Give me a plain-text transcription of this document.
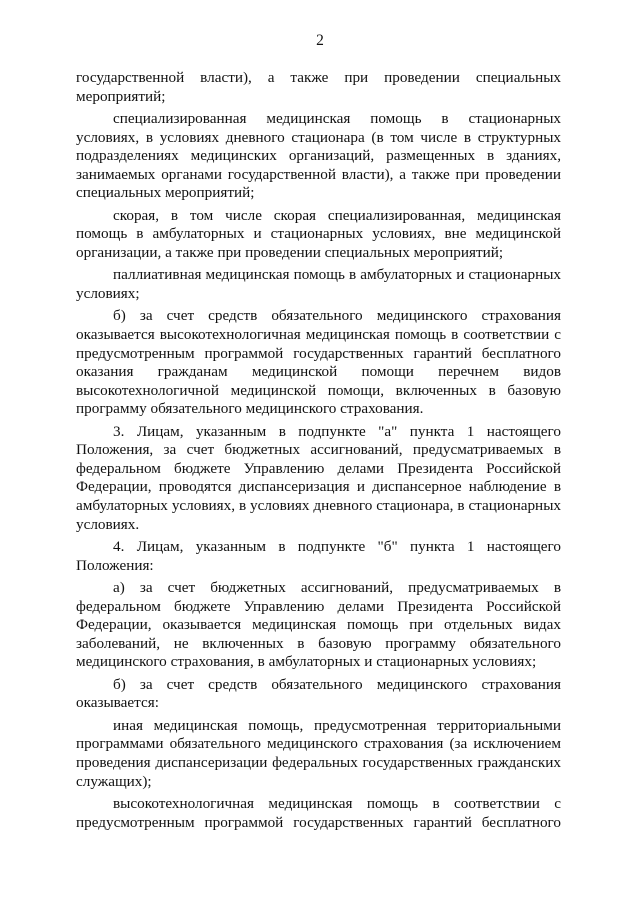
2

государственной власти), а также при проведении специальных мероприятий;

специализированная медицинская помощь в стационарных условиях, в условиях дневного стационара (в том числе в структурных подразделениях медицинских организаций, размещенных в зданиях, занимаемых органами государственной власти), а также при проведении специальных мероприятий;

скорая, в том числе скорая специализированная, медицинская помощь в амбулаторных и стационарных условиях, вне медицинской организации, а также при проведении специальных мероприятий;

паллиативная медицинская помощь в амбулаторных и стационарных условиях;

б) за счет средств обязательного медицинского страхования оказывается высокотехнологичная медицинская помощь в соответствии с предусмотренным программой государственных гарантий бесплатного оказания гражданам медицинской помощи перечнем видов высокотехнологичной медицинской помощи, включенных в базовую программу обязательного медицинского страхования.

3. Лицам, указанным в подпункте "а" пункта 1 настоящего Положения, за счет бюджетных ассигнований, предусматриваемых в федеральном бюджете Управлению делами Президента Российской Федерации, проводятся диспансеризация и диспансерное наблюдение в амбулаторных условиях, в условиях дневного стационара, в стационарных условиях.

4. Лицам, указанным в подпункте "б" пункта 1 настоящего Положения:

а) за счет бюджетных ассигнований, предусматриваемых в федеральном бюджете Управлению делами Президента Российской Федерации, оказывается медицинская помощь при отдельных видах заболеваний, не включенных в базовую программу обязательного медицинского страхования, в амбулаторных и стационарных условиях;

б) за счет средств обязательного медицинского страхования оказывается:

иная медицинская помощь, предусмотренная территориальными программами обязательного медицинского страхования (за исключением проведения диспансеризации федеральных государственных гражданских служащих);

высокотехнологичная медицинская помощь в соответствии с предусмотренным программой государственных гарантий бесплатного
